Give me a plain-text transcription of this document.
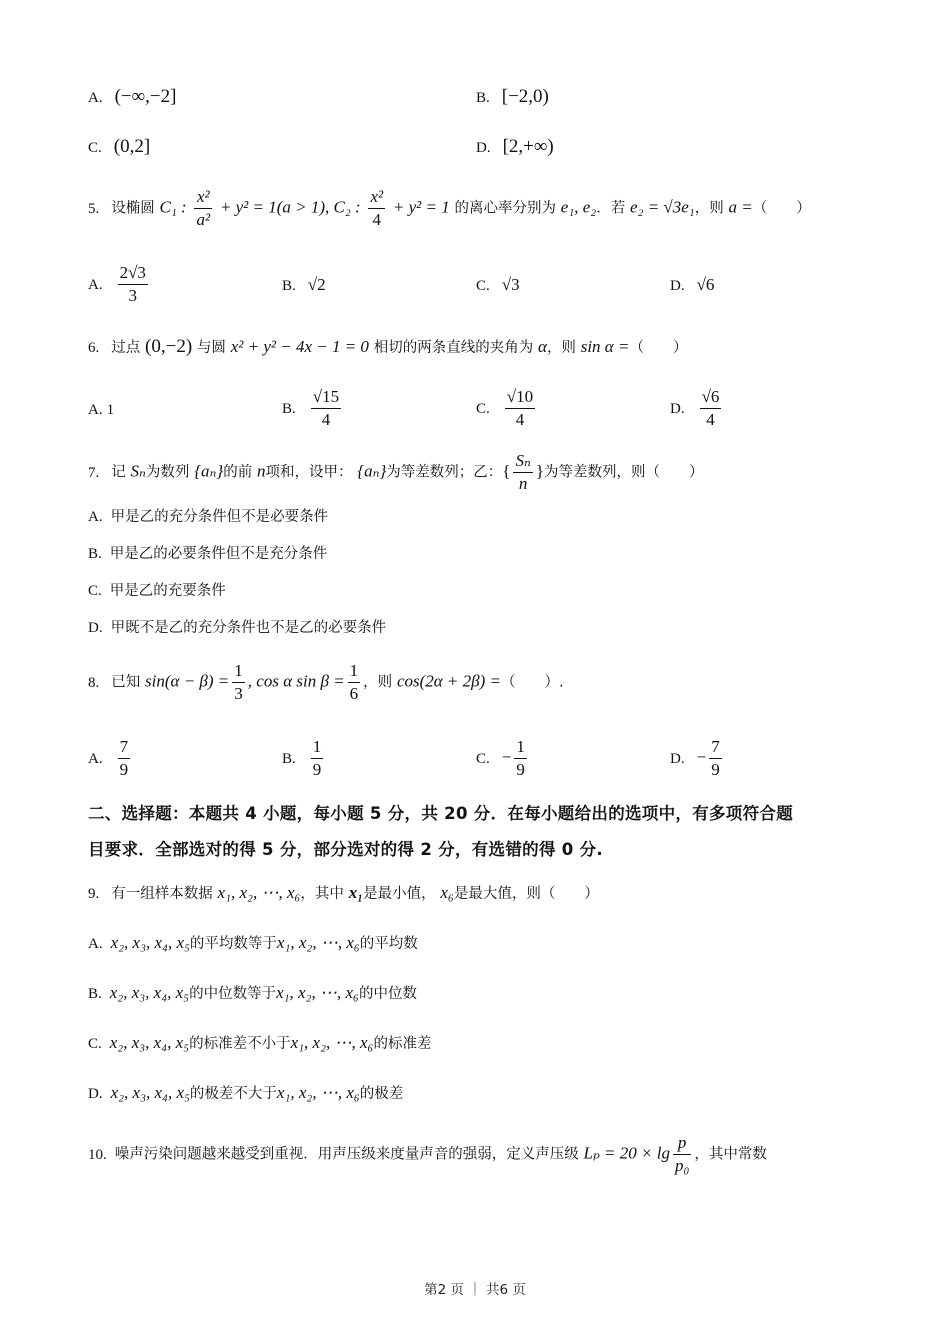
A. (−∞,−2]	B. [−2,0)
C. (0,2]	D. [2,+∞)
5. 设椭圆 C₁ : $\frac{\text{x²}}{\text{a²}} + y^2 = 1(a > 1)$, C₂ : $\frac{\text{x²}}{4} + y^2 = 1$ 的离心率分别为 e₁, e₂．若 e₂ = √3e₁，则 a =（　　）
A. $\frac{2√3}{3}$	B. √2	C. √3	D. √6
6. 过点 (0,−2) 与圆 x² + y² − 4x − 1 = 0 相切的两条直线的夹角为 α，则 sin α =（　　）
A. 1	B. $\frac{√15}{4}$	C. $\frac{√10}{4}$	D. $\frac{√6}{4}$
7. 记 Sₙ为数列 {aₙ}的前 n项和，设甲： {aₙ}为等差数列；乙：{ $\frac{\text{Sₙ}}{n}$ }为等差数列，则（　　）
A. 甲是乙的充分条件但不是必要条件
B. 甲是乙的必要条件但不是充分条件
C. 甲是乙的充要条件
D. 甲既不是乙的充分条件也不是乙的必要条件
8. 已知 $\sin(\alpha - \beta) = \frac{1}{3}$ , cos α $\sin \beta = \frac{1}{6}$ ，则 cos(2α + 2β) =（　　）.
A. $\frac{7}{9}$	B. $\frac{1}{9}$	C. − $\frac{1}{9}$	D. − $\frac{7}{9}$
二、选择题：本题共 4 小题，每小题 5 分，共 20 分．在每小题给出的选项中，有多项符合题
目要求．全部选对的得 5 分，部分选对的得 2 分，有选错的得 0 分.
9. 有一组样本数据 x₁, x₂, ⋯, x₆，其中 x₁是最小值， x₆是最大值，则（　　）
A. x₂, x₃, x₄, x₅的平均数等于x₁, x₂, ⋯, x₆的平均数
B. x₂, x₃, x₄, x₅的中位数等于x₁, x₂, ⋯, x₆的中位数
C. x₂, x₃, x₄, x₅的标准差不小于x₁, x₂, ⋯, x₆的标准差
D. x₂, x₃, x₄, x₅的极差不大于x₁, x₂, ⋯, x₆的极差
10. 噪声污染问题越来越受到重视．用声压级来度量声音的强弱，定义声压级 $L_p = 20 \times \lg \frac{p}{\text{p₀}}$ ，其中常数
第2 页 ｜ 共6 页
